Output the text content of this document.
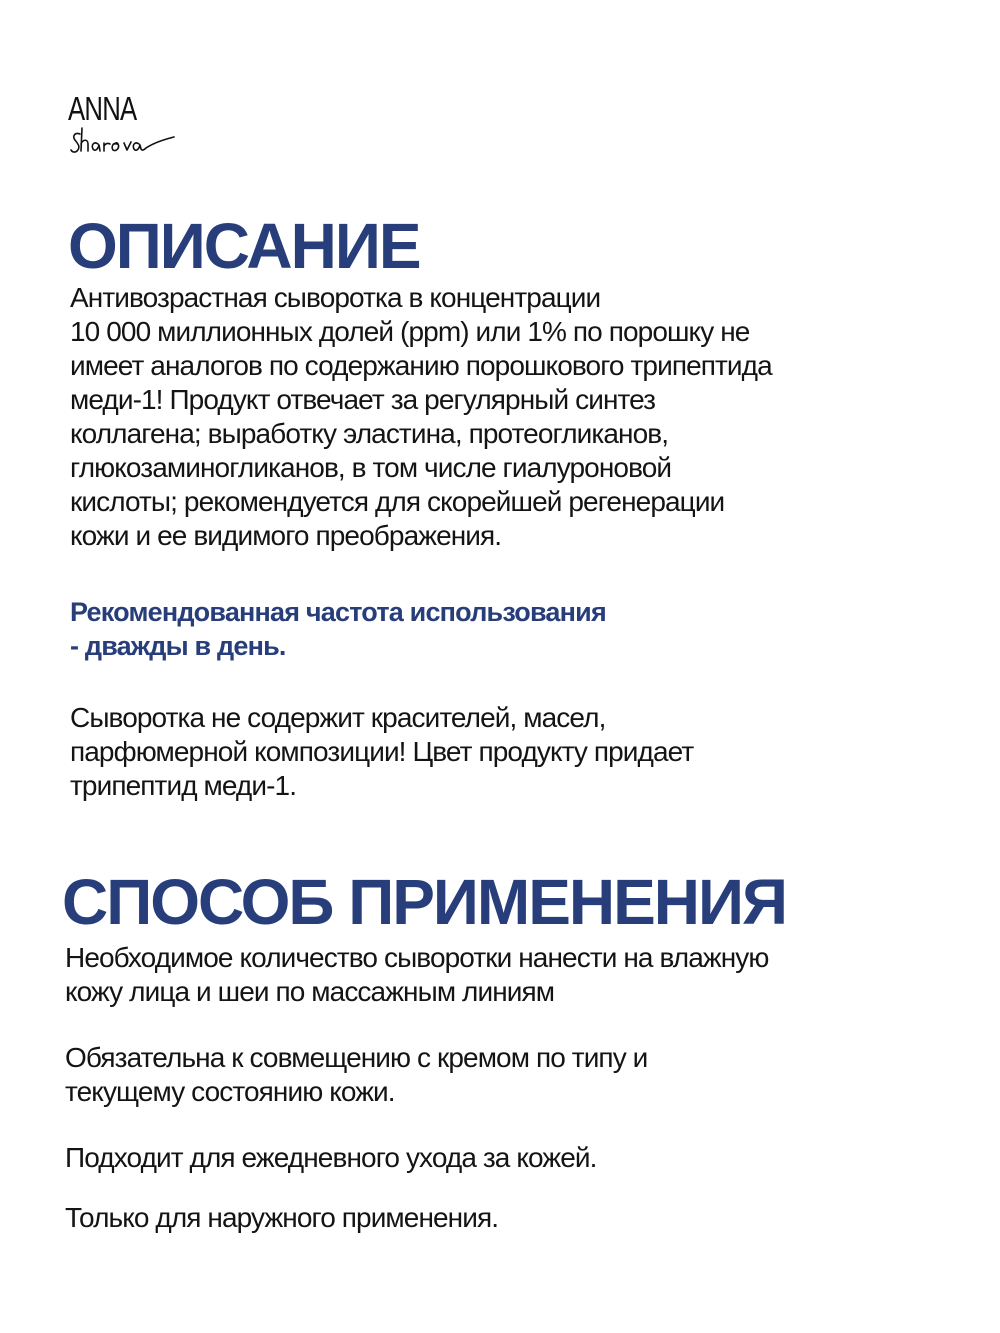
ANNA
ОПИСАНИЕ

Антивозрастная сыворотка в концентрации
10 000 миллионных долей (ppm) или 1% по порошку не
имеет аналогов по содержанию порошкового трипептида
меди-1! Продукт отвечает за регулярный синтез
коллагена; выработку эластина, протеогликанов,
глюкозаминогликанов, в том числе гиалуроновой
кислоты; рекомендуется для скорейшей регенерации
кожи и ее видимого преображения.

Рекомендованная частота использования
- дважды в день.

Сыворотка не содержит красителей, масел,
парфюмерной композиции! Цвет продукту придает
трипептид меди-1.

СПОСОБ ПРИМЕНЕНИЯ

Необходимое количество сыворотки нанести на влажную
кожу лица и шеи по массажным линиям

Обязательна к совмещению с кремом по типу и
текущему состоянию кожи.

Подходит для ежедневного ухода за кожей.

Только для наружного применения.
